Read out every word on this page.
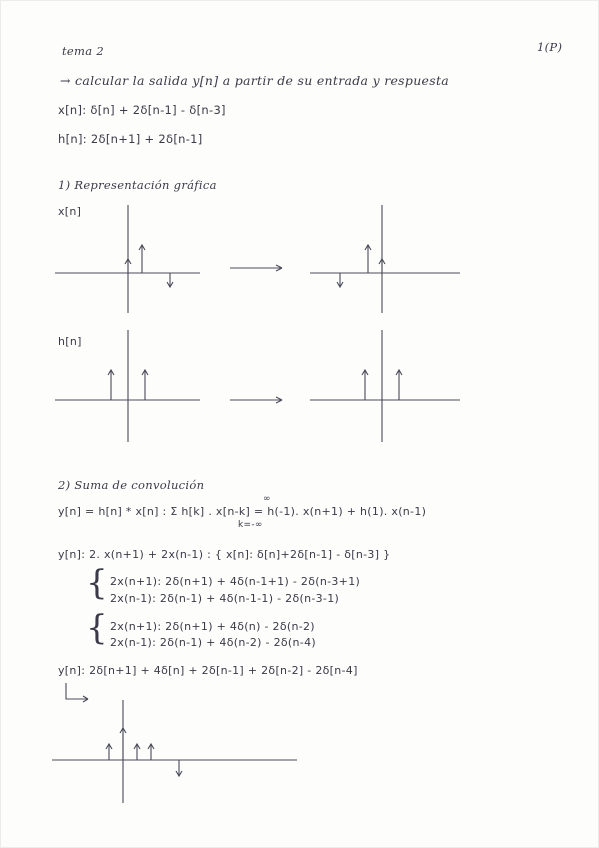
tema 2	1(P)
→ calcular la salida y[n] a partir de su entrada y respuesta
x[n]: δ[n] + 2δ[n-1] - δ[n-3]
h[n]: 2δ[n+1] + 2δ[n-1]
1) Representación gráfica
x[n]
h[n]
2) Suma de convolución
y[n] = h[n] * x[n] : Σ h[k] . x[n-k] = h(-1). x(n+1) + h(1). x(n-1)
∞
k=-∞
y[n]: 2. x(n+1) + 2x(n-1) : { x[n]: δ[n]+2δ[n-1] - δ[n-3] }
{ 2x(n+1): 2δ(n+1) + 4δ(n-1+1) - 2δ(n-3+1)
2x(n-1): 2δ(n-1) + 4δ(n-1-1) - 2δ(n-3-1)
{ 2x(n+1): 2δ(n+1) + 4δ(n) - 2δ(n-2)
2x(n-1): 2δ(n-1) + 4δ(n-2) - 2δ(n-4)
y[n]: 2δ[n+1] + 4δ[n] + 2δ[n-1] + 2δ[n-2] - 2δ[n-4]
